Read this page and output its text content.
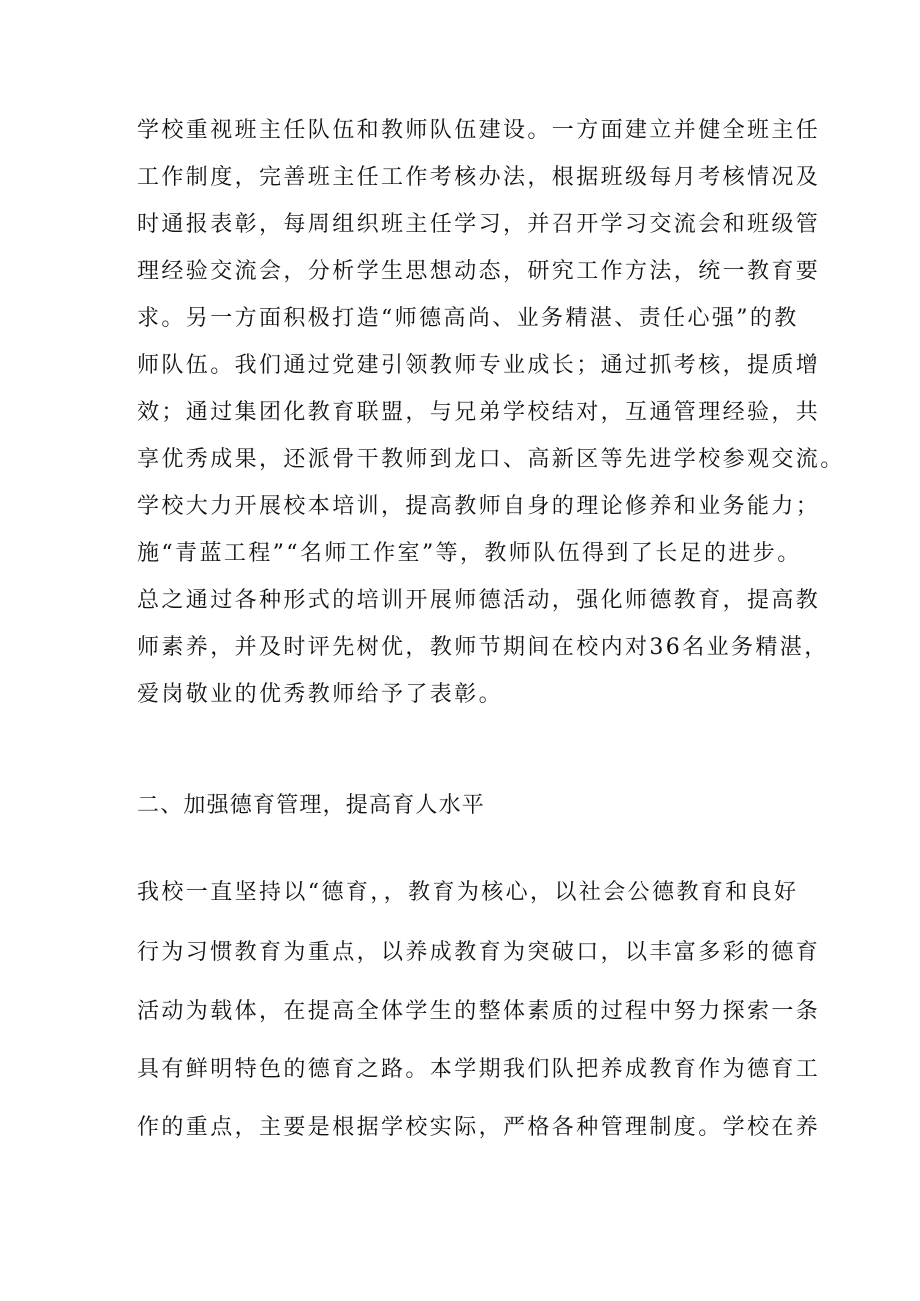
学校重视班主任队伍和教师队伍建设。一方面建立并健全班主任
工作制度，完善班主任工作考核办法，根据班级每月考核情况及
时通报表彰，每周组织班主任学习，并召开学习交流会和班级管
理经验交流会，分析学生思想动态，研究工作方法，统一教育要
求。另一方面积极打造“师德高尚、业务精湛、责任心强”的教
师队伍。我们通过党建引领教师专业成长；通过抓考核，提质增
效；通过集团化教育联盟，与兄弟学校结对，互通管理经验，共
享优秀成果，还派骨干教师到龙口、高新区等先进学校参观交流。
学校大力开展校本培训，提高教师自身的理论修养和业务能力；
施“青蓝工程”“名师工作室”等，教师队伍得到了长足的进步。
总之通过各种形式的培训开展师德活动，强化师德教育，提高教
师素养，并及时评先树优，教师节期间在校内对36名业务精湛，
爱岗敬业的优秀教师给予了表彰。
二、加强德育管理，提高育人水平
我校一直坚持以“德育，，教育为核心，以社会公德教育和良好
行为习惯教育为重点，以养成教育为突破口，以丰富多彩的德育
活动为载体，在提高全体学生的整体素质的过程中努力探索一条
具有鲜明特色的德育之路。本学期我们队把养成教育作为德育工
作的重点，主要是根据学校实际，严格各种管理制度。学校在养
